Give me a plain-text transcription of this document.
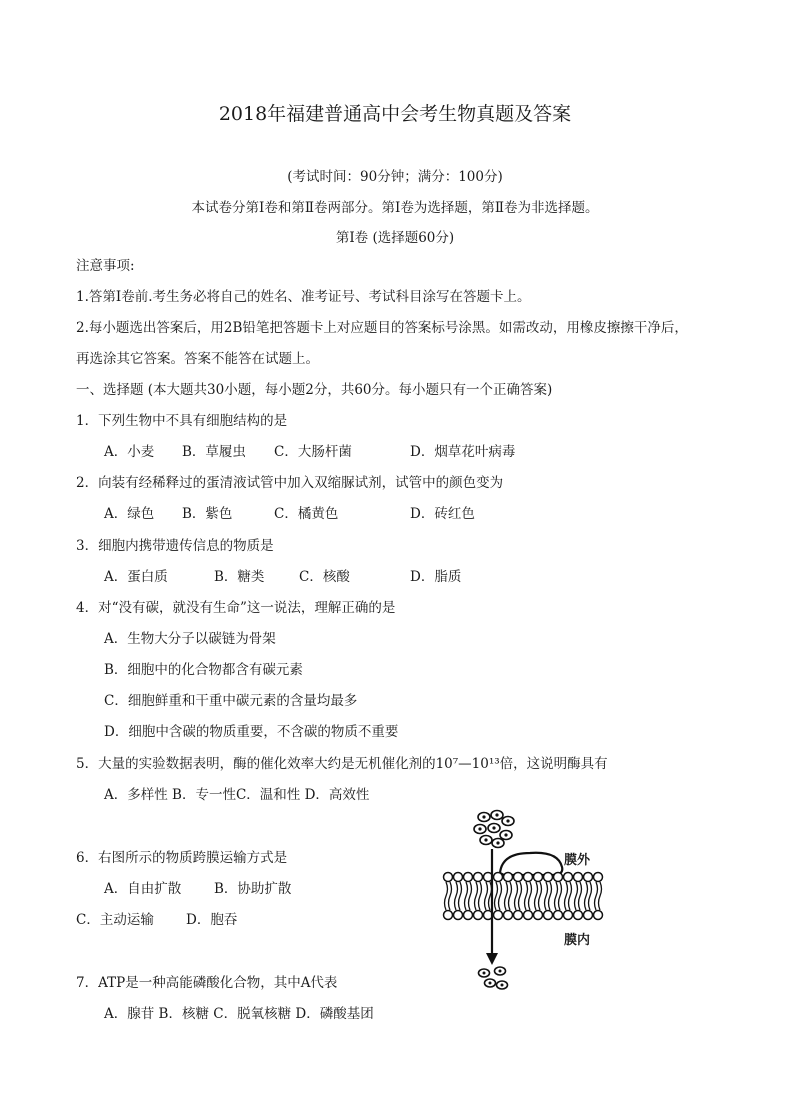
2018年福建普通高中会考生物真题及答案
(考试时间：90分钟；满分：100分)
本试卷分第Ⅰ卷和第Ⅱ卷两部分。第Ⅰ卷为选择题，第Ⅱ卷为非选择题。
第Ⅰ卷 (选择题60分)
注意事项:
1.答第Ⅰ卷前.考生务必将自己的姓名、准考证号、考试科目涂写在答题卡上。
2.每小题选出答案后，用2B铅笔把答题卡上对应题目的答案标号涂黑。如需改动，用橡皮擦擦干净后，
再选涂其它答案。答案不能答在试题上。
一、选择题 (本大题共30小题，每小题2分，共60分。每小题只有一个正确答案)
1．下列生物中不具有细胞结构的是
A．小麦 B．草履虫 C．大肠杆菌	D．烟草花叶病毒
2．向装有经稀释过的蛋清液试管中加入双缩脲试剂，试管中的颜色变为
A．绿色 B．紫色	C．橘黄色	D．砖红色
3．细胞内携带遗传信息的物质是
A．蛋白质	B．糖类	C．核酸	D．脂质
4．对“没有碳，就没有生命”这一说法，理解正确的是
A．生物大分子以碳链为骨架
B．细胞中的化合物都含有碳元素
C．细胞鲜重和干重中碳元素的含量均最多
D．细胞中含碳的物质重要，不含碳的物质不重要
5．大量的实验数据表明，酶的催化效率大约是无机催化剂的10⁷—10¹³倍，这说明酶具有
A．多样性 B．专一性C．温和性 D．高效性
6．右图所示的物质跨膜运输方式是
A．自由扩散 B．协助扩散
C．主动运输 D．胞吞
7．ATP是一种高能磷酸化合物，其中A代表
A．腺苷 B．核糖 C．脱氧核糖 D．磷酸基团
膜外
膜内
